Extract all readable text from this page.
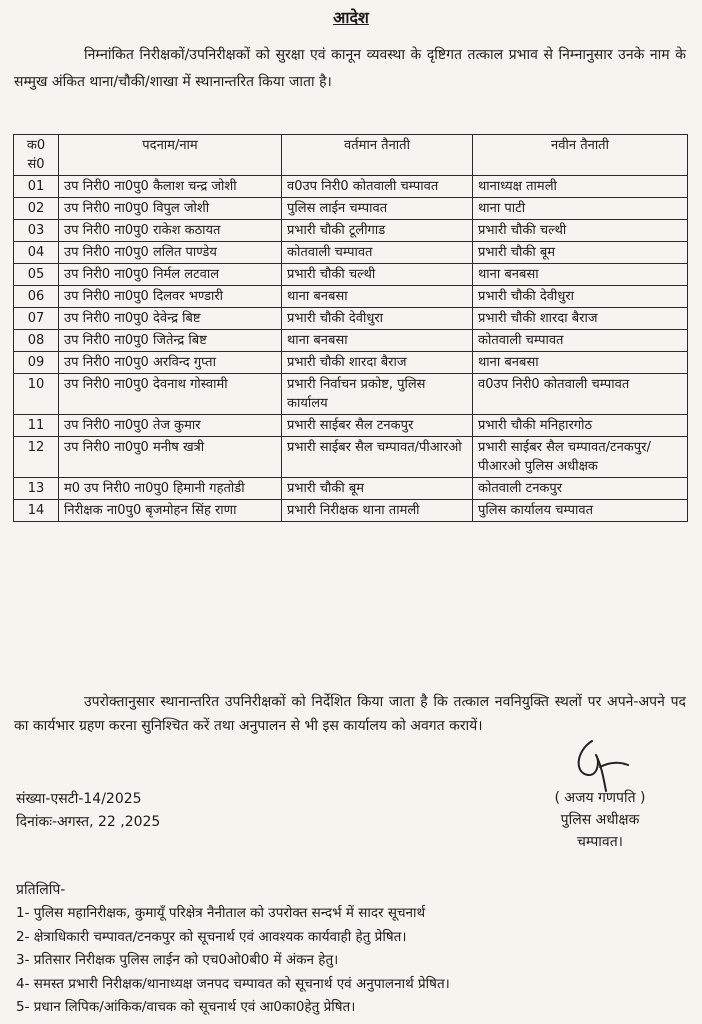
आदेश

निम्नांकित निरीक्षकों/उपनिरीक्षकों को सुरक्षा एवं कानून व्यवस्था के दृष्टिगत तत्काल प्रभाव से निम्नानुसार उनके नाम के सम्मुख अंकित थाना/चौकी/शाखा में स्थानान्तरित किया जाता है।

क0 सं0	पदनाम/नाम	वर्तमान तैनाती	नवीन तैनाती
01	उप निरी0 ना0पु0 कैलाश चन्द्र जोशी	व0उप निरी0 कोतवाली चम्पावत	थानाध्यक्ष तामली
02	उप निरी0 ना0पु0 विपुल जोशी	पुलिस लाईन चम्पावत	थाना पाटी
03	उप निरी0 ना0पु0 राकेश कठायत	प्रभारी चौकी टूलीगाड	प्रभारी चौकी चल्थी
04	उप निरी0 ना0पु0 ललित पाण्डेय	कोतवाली चम्पावत	प्रभारी चौकी बूम
05	उप निरी0 ना0पु0 निर्मल लटवाल	प्रभारी चौकी चल्थी	थाना बनबसा
06	उप निरी0 ना0पु0 दिलवर भण्डारी	थाना बनबसा	प्रभारी चौकी देवीधुरा
07	उप निरी0 ना0पु0 देवेन्द्र बिष्ट	प्रभारी चौकी देवीधुरा	प्रभारी चौकी शारदा बैराज
08	उप निरी0 ना0पु0 जितेन्द्र बिष्ट	थाना बनबसा	कोतवाली चम्पावत
09	उप निरी0 ना0पु0 अरविन्द गुप्ता	प्रभारी चौकी शारदा बैराज	थाना बनबसा
10	उप निरी0 ना0पु0 देवनाथ गोस्वामी	प्रभारी निर्वाचन प्रकोष्ट, पुलिस कार्यालय	व0उप निरी0 कोतवाली चम्पावत
11	उप निरी0 ना0पु0 तेज कुमार	प्रभारी साईबर सैल टनकपुर	प्रभारी चौकी मनिहारगोठ
12	उप निरी0 ना0पु0 मनीष खत्री	प्रभारी साईबर सैल चम्पावत/पीआरओ	प्रभारी साईबर सैल चम्पावत/टनकपुर/पीआरओ पुलिस अधीक्षक
13	म0 उप निरी0 ना0पु0 हिमानी गहतोडी	प्रभारी चौकी बूम	कोतवाली टनकपुर
14	निरीक्षक ना0पु0 बृजमोहन सिंह राणा	प्रभारी निरीक्षक थाना तामली	पुलिस कार्यालय चम्पावत

उपरोक्तानुसार स्थानान्तरित उपनिरीक्षकों को निर्देशित किया जाता है कि तत्काल नवनियुक्ति स्थलों पर अपने-अपने पद का कार्यभार ग्रहण करना सुनिश्चित करें तथा अनुपालन से भी इस कार्यालय को अवगत करायें।

संख्या-एसटी-14/2025
दिनांकः-अगस्त, 22 ,2025
( अजय गणपति )
पुलिस अधीक्षक
चम्पावत।
प्रतिलिपि-
1- पुलिस महानिरीक्षक, कुमायूँ परिक्षेत्र नैनीताल को उपरोक्त सन्दर्भ में सादर सूचनार्थ
2- क्षेत्राधिकारी चम्पावत/टनकपुर को सूचनार्थ एवं आवश्यक कार्यवाही हेतु प्रेषित।
3- प्रतिसार निरीक्षक पुलिस लाईन को एच0ओ0बी0 में अंकन हेतु।
4- समस्त प्रभारी निरीक्षक/थानाध्यक्ष जनपद चम्पावत को सूचनार्थ एवं अनुपालनार्थ प्रेषित।
5- प्रधान लिपिक/आंकिक/वाचक को सूचनार्थ एवं आ0का0हेतु प्रेषित।
